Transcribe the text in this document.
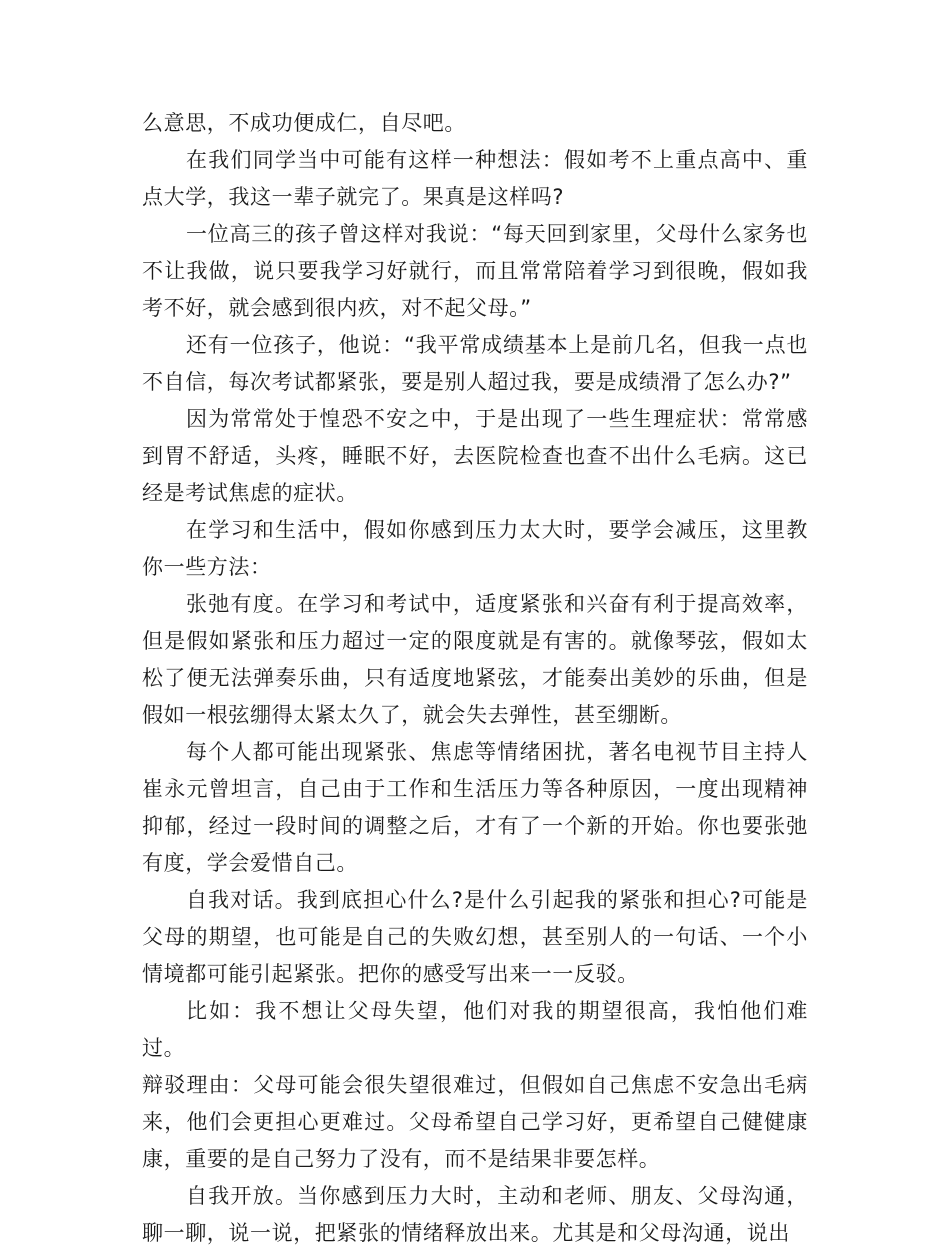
么意思，不成功便成仁，自尽吧。

在我们同学当中可能有这样一种想法：假如考不上重点高中、重点大学，我这一辈子就完了。果真是这样吗?

一位高三的孩子曾这样对我说：“每天回到家里，父母什么家务也不让我做，说只要我学习好就行，而且常常陪着学习到很晚，假如我考不好，就会感到很内疚，对不起父母。”

还有一位孩子，他说：“我平常成绩基本上是前几名，但我一点也不自信，每次考试都紧张，要是别人超过我，要是成绩滑了怎么办?”

因为常常处于惶恐不安之中，于是出现了一些生理症状：常常感到胃不舒适，头疼，睡眠不好，去医院检查也查不出什么毛病。这已经是考试焦虑的症状。

在学习和生活中，假如你感到压力太大时，要学会减压，这里教你一些方法：

张弛有度。在学习和考试中，适度紧张和兴奋有利于提高效率，但是假如紧张和压力超过一定的限度就是有害的。就像琴弦，假如太松了便无法弹奏乐曲，只有适度地紧弦，才能奏出美妙的乐曲，但是假如一根弦绷得太紧太久了，就会失去弹性，甚至绷断。

每个人都可能出现紧张、焦虑等情绪困扰，著名电视节目主持人崔永元曾坦言，自己由于工作和生活压力等各种原因，一度出现精神抑郁，经过一段时间的调整之后，才有了一个新的开始。你也要张弛有度，学会爱惜自己。

自我对话。我到底担心什么?是什么引起我的紧张和担心?可能是父母的期望，也可能是自己的失败幻想，甚至别人的一句话、一个小情境都可能引起紧张。把你的感受写出来一一反驳。

比如：我不想让父母失望，他们对我的期望很高，我怕他们难过。

辩驳理由：父母可能会很失望很难过，但假如自己焦虑不安急出毛病来，他们会更担心更难过。父母希望自己学习好，更希望自己健健康康，重要的是自己努力了没有，而不是结果非要怎样。

自我开放。当你感到压力大时，主动和老师、朋友、父母沟通，聊一聊，说一说，把紧张的情绪释放出来。尤其是和父母沟通，说出
